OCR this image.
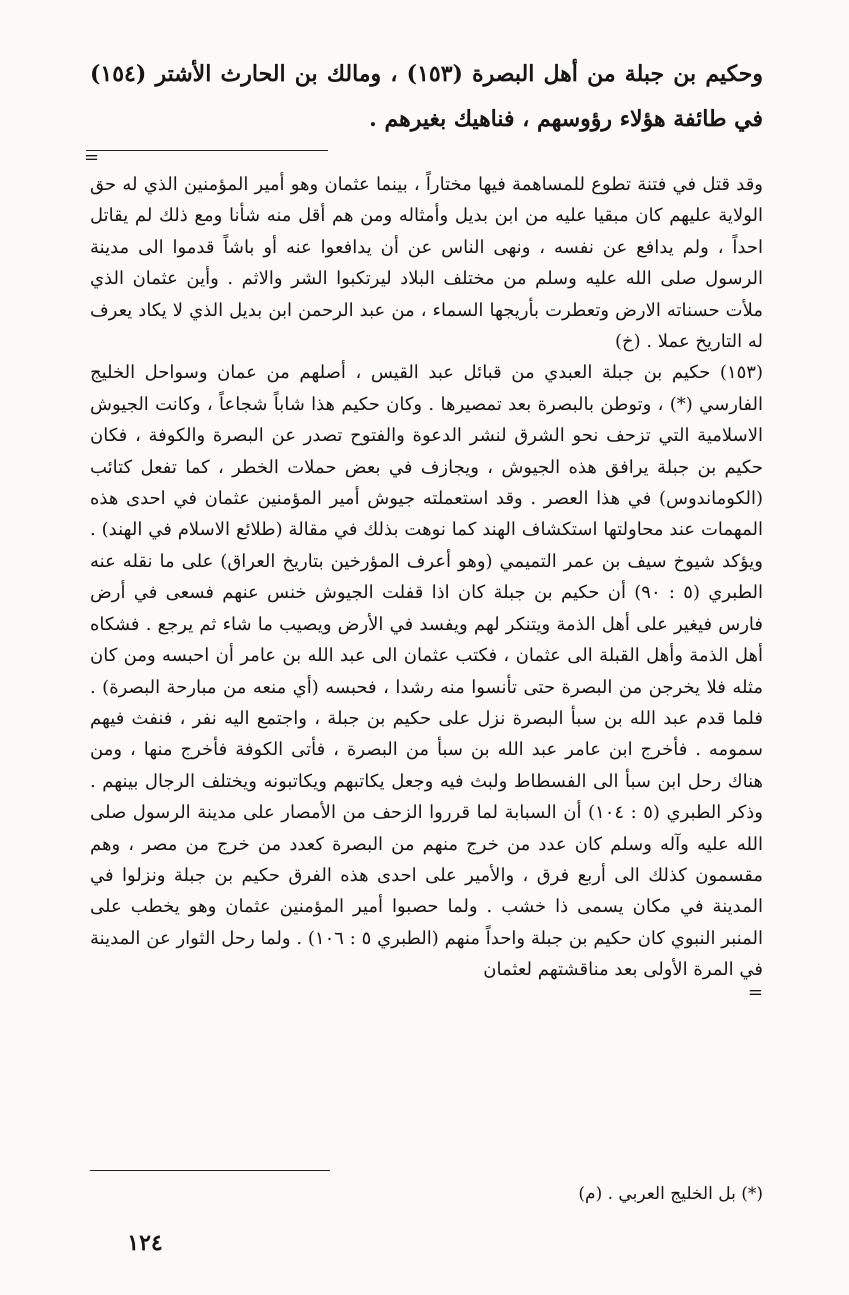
وحكيم بن جبلة من أهل البصرة (١٥٣) ، ومالك بن الحارث الأشتر (١٥٤) في طائفة هؤلاء رؤوسهم ، فناهيك بغيرهم .

=

وقد قتل في فتنة تطوع للمساهمة فيها مختاراً ، بينما عثمان وهو أمير المؤمنين الذي له حق الولاية عليهم كان مبقيا عليه من ابن بديل وأمثاله ومن هم أقل منه شأنا ومع ذلك لم يقاتل احداً ، ولم يدافع عن نفسه ، ونهى الناس عن أن يدافعوا عنه أو باشاً قدموا الى مدينة الرسول صلى الله عليه وسلم من مختلف البلاد ليرتكبوا الشر والاثم . وأين عثمان الذي ملأت حسناته الارض وتعطرت بأريجها السماء ، من عبد الرحمن ابن بديل الذي لا يكاد يعرف له التاريخ عملا . (خ)

(١٥٣) حكيم بن جبلة العبدي من قبائل عبد القيس ، أصلهم من عمان وسواحل الخليج الفارسي (*) ، وتوطن بالبصرة بعد تمصيرها . وكان حكيم هذا شاباً شجاعاً ، وكانت الجيوش الاسلامية التي تزحف نحو الشرق لنشر الدعوة والفتوح تصدر عن البصرة والكوفة ، فكان حكيم بن جبلة يرافق هذه الجيوش ، ويجازف في بعض حملات الخطر ، كما تفعل كتائب (الكوماندوس) في هذا العصر . وقد استعملته جيوش أمير المؤمنين عثمان في احدى هذه المهمات عند محاولتها استكشاف الهند كما نوهت بذلك في مقالة (طلائع الاسلام في الهند) . ويؤكد شيوخ سيف بن عمر التميمي (وهو أعرف المؤرخين بتاريخ العراق) على ما نقله عنه الطبري (٥ : ٩٠) أن حكيم بن جبلة كان اذا قفلت الجيوش خنس عنهم فسعى في أرض فارس فيغير على أهل الذمة ويتنكر لهم ويفسد في الأرض ويصيب ما شاء ثم يرجع . فشكاه أهل الذمة وأهل القبلة الى عثمان ، فكتب عثمان الى عبد الله بن عامر أن احبسه ومن كان مثله فلا يخرجن من البصرة حتى تأنسوا منه رشدا ، فحبسه (أي منعه من مبارحة البصرة) . فلما قدم عبد الله بن سبأ البصرة نزل على حكيم بن جبلة ، واجتمع اليه نفر ، فنفث فيهم سمومه . فأخرج ابن عامر عبد الله بن سبأ من البصرة ، فأتى الكوفة فأخرج منها ، ومن هناك رحل ابن سبأ الى الفسطاط ولبث فيه وجعل يكاتبهم ويكاتبونه ويختلف الرجال بينهم . وذكر الطبري (٥ : ١٠٤) أن السبابة لما قرروا الزحف من الأمصار على مدينة الرسول صلى الله عليه وآله وسلم كان عدد من خرج منهم من البصرة كعدد من خرج من مصر ، وهم مقسمون كذلك الى أربع فرق ، والأمير على احدى هذه الفرق حكيم بن جبلة ونزلوا في المدينة في مكان يسمى ذا خشب . ولما حصبوا أمير المؤمنين عثمان وهو يخطب على المنبر النبوي كان حكيم بن جبلة واحداً منهم (الطبري ٥ : ١٠٦) . ولما رحل الثوار عن المدينة في المرة الأولى بعد مناقشتهم لعثمان

=

(*) بل الخليج العربي . (م)

١٢٤
